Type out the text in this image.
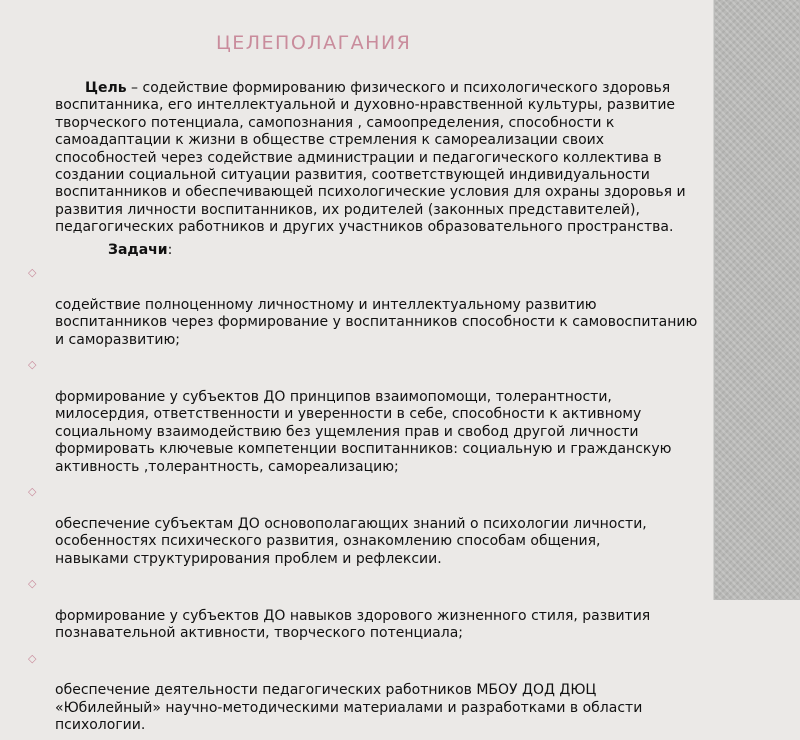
ЦЕЛЕПОЛАГАНИЯ

Цель – содействие формированию физического и психологического здоровья
воспитанника, его интеллектуальной и духовно-нравственной культуры, развитие
творческого потенциала, самопознания , самоопределения, способности к
самоадаптации к жизни в обществе стремления к самореализации своих
способностей через содействие администрации и педагогического коллектива в
создании социальной ситуации развития, соответствующей индивидуальности
воспитанников и обеспечивающей психологические условия для охраны здоровья и
развития личности воспитанников, их родителей (законных представителей),
педагогических работников и других участников образовательного пространства.

Задачи:

◇

содействие полноценному личностному и интеллектуальному развитию
воспитанников через формирование у воспитанников способности к самовоспитанию
и саморазвитию;

◇

формирование у субъектов ДО принципов взаимопомощи, толерантности,
милосердия, ответственности и уверенности в себе, способности к активному
социальному взаимодействию без ущемления прав и свобод другой личности
формировать ключевые компетенции воспитанников: социальную и гражданскую
активность ,толерантность, самореализацию;

◇

обеспечение субъектам ДО основополагающих знаний о психологии личности,
особенностях психического развития, ознакомлению способам общения,
навыками структурирования проблем и рефлексии.

◇

формирование у субъектов ДО навыков здорового жизненного стиля, развития
познавательной активности, творческого потенциала;

◇

обеспечение деятельности педагогических работников МБОУ ДОД ДЮЦ
«Юбилейный» научно-методическими материалами и разработками в области
психологии.
